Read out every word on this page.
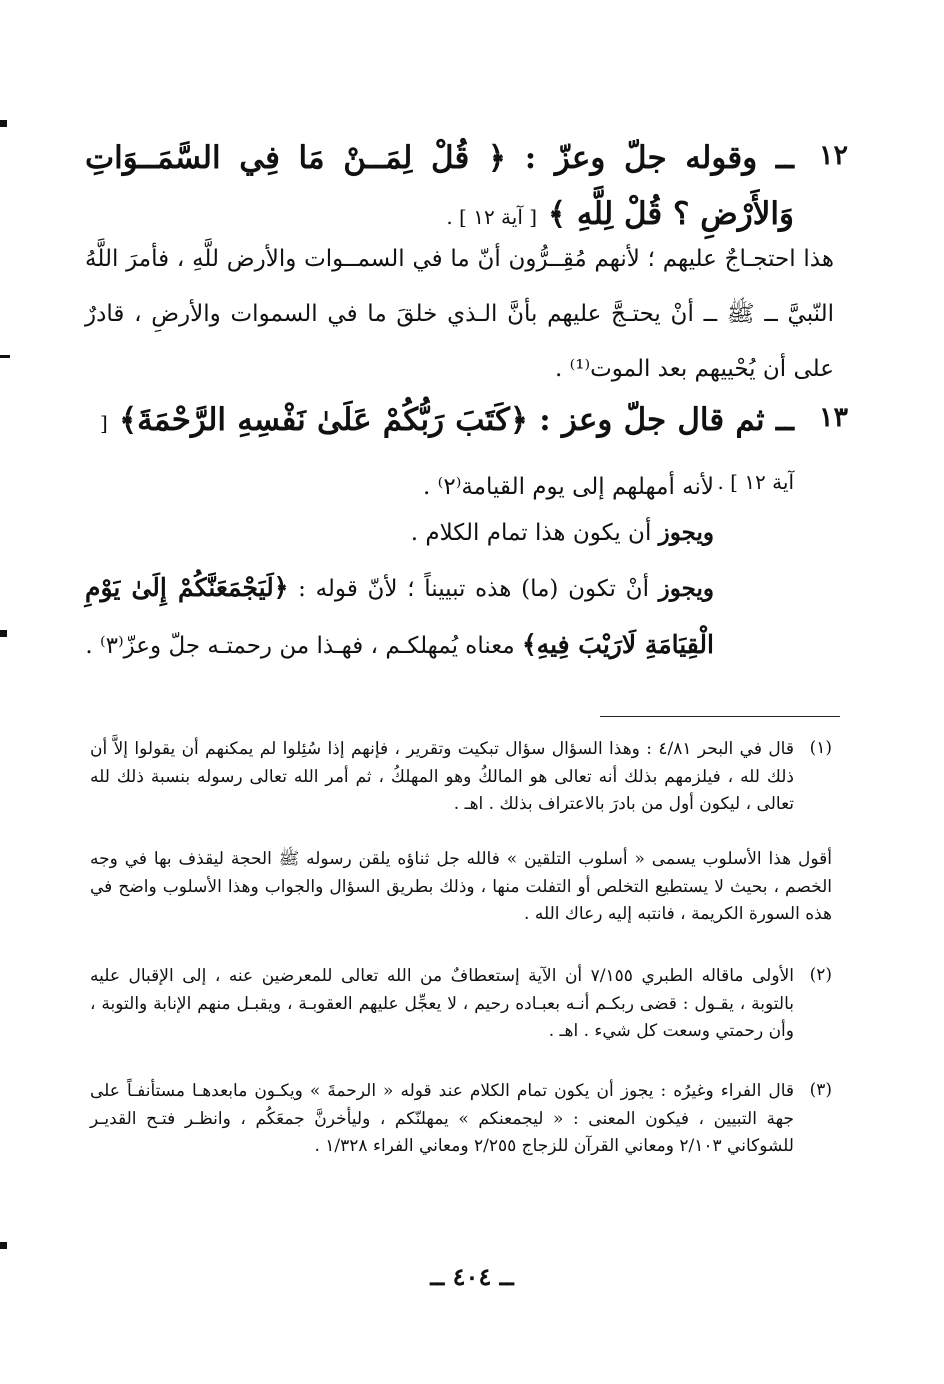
١٢
ــ وقوله جلّ وعزّ : ﴿ قُلْ لِمَــنْ مَا فِي السَّمَــوَاتِ وَالأَرْضِ ؟ قُلْ لِلَّهِ ﴾ [ آية ١٢ ] .
هذا احتجـاجٌ عليهم ؛ لأنهم مُقِــرُّون أنّ ما في السمــوات والأرض للَّهِ ، فأمرَ اللَّهُ النّبيَّ ــ ﷺ ــ أنْ يحتـجَّ عليهم بأنَّ الـذي خلقَ ما في السموات والأرضِ ، قادرٌ على أن يُحْييهم بعد الموت⁽¹⁾ .
١٣
ــ ثم قال جلّ وعز : ﴿كَتَبَ رَبُّكُمْ عَلَىٰ نَفْسِهِ الرَّحْمَةَ﴾ [ آية ١٢ ] .
لأنه أمهلهم إلى يوم القيامة⁽٢⁾ .
ويجوز أن يكون هذا تمام الكلام .
ويجوز أنْ تكون (ما) هذه تبييناً ؛ لأنّ قوله : ﴿لَيَجْمَعَنَّكُمْ إِلَىٰ يَوْمِ الْقِيَامَةِ لَارَيْبَ فِيهِ﴾ معناه يُمهلكـم ، فهـذا من رحمتـه جلّ وعزّ⁽٣⁾ .
(١)
قال في البحر ٤/٨١ : وهذا السؤال سؤال تبكيت وتقرير ، فإنهم إذا سُئِلوا لم يمكنهم أن يقولوا إلاَّ أن ذلك لله ، فيلزمهم بذلك أنه تعالى هو المالكُ وهو المهلكُ ، ثم أمر الله تعالى رسوله بنسبة ذلك لله تعالى ، ليكون أول من بادرَ بالاعتراف بذلك . اهـ .
أقول هذا الأسلوب يسمى « أسلوب التلقين » فالله جل ثناؤه يلقن رسوله ﷺ الحجة ليقذف بها في وجه الخصم ، بحيث لا يستطيع التخلص أو التفلت منها ، وذلك بطريق السؤال والجواب وهذا الأسلوب واضح في هذه السورة الكريمة ، فانتبه إليه رعاك الله .
(٢)
الأولى ماقاله الطبري ٧/١٥٥ أن الآية إستعطافٌ من الله تعالى للمعرضين عنه ، إلى الإقبال عليه بالتوبة ، يقـول : قضى ربكـم أنـه بعبـاده رحيم ، لا يعجِّل عليهم العقوبـة ، ويقبـل منهم الإنابة والتوبة ، وأن رحمتي وسعت كل شيء . اهـ .
(٣)
قال الفراء وغيرُه : يجوز أن يكون تمام الكلام عند قوله « الرحمةَ » ويكـون مابعدهـا مستأنفـاً على جهة التبيين ، فيكون المعنى : « ليجمعنكم » يمهلنّكم ، وليأخرنَّ جمعَكُم ، وانظـر فتـح القديـر للشوكاني ٢/١٠٣ ومعاني القرآن للزجاج ٢/٢٥٥ ومعاني الفراء ١/٣٢٨ .
ــ ٤٠٤ ــ
